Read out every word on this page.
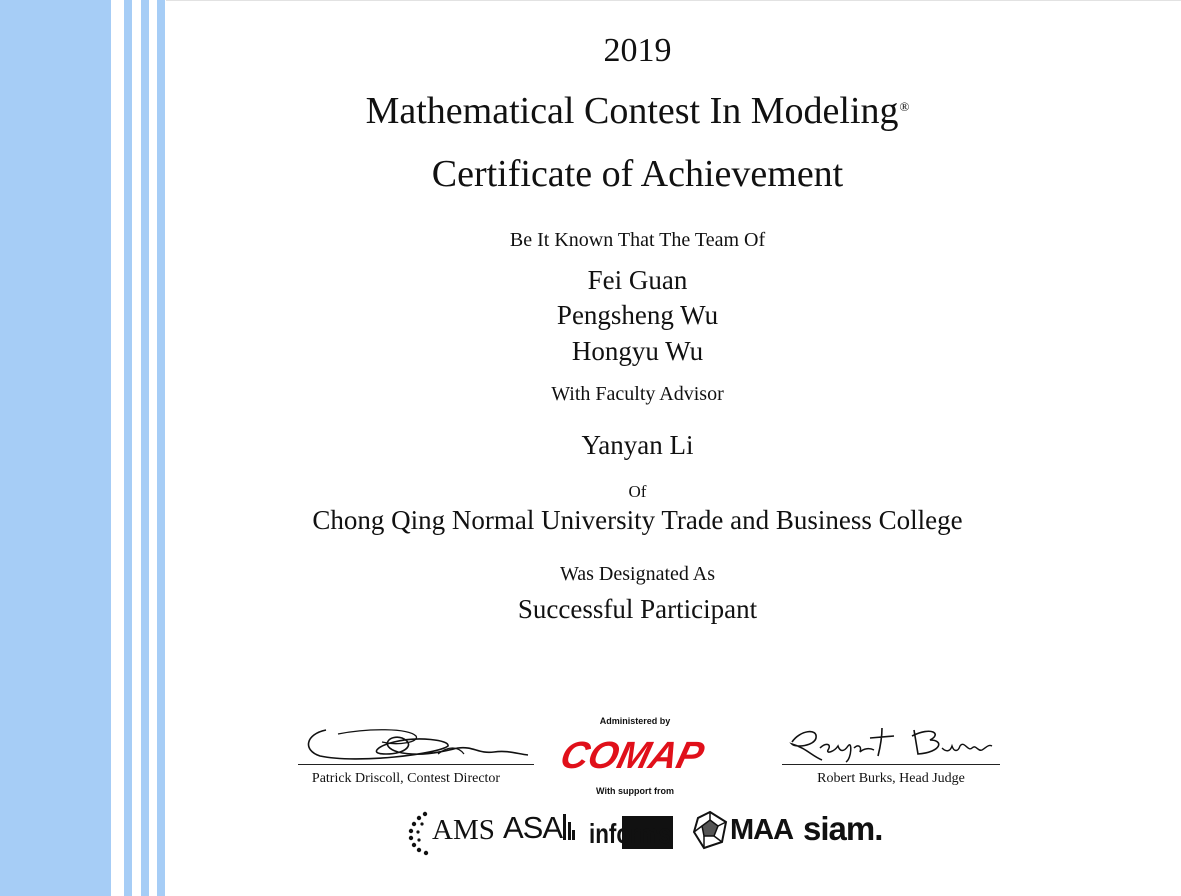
2019
Mathematical Contest In Modeling®
Certificate of Achievement
Be It Known That The Team Of
Fei Guan
Pengsheng Wu
Hongyu Wu
With Faculty Advisor
Yanyan Li
Of
Chong Qing Normal University Trade and Business College
Was Designated As
Successful Participant
Patrick Driscoll, Contest Director	Robert Burks, Head Judge
Administered by
COMAP
With support from
AMS ASA informs MAA siam.
